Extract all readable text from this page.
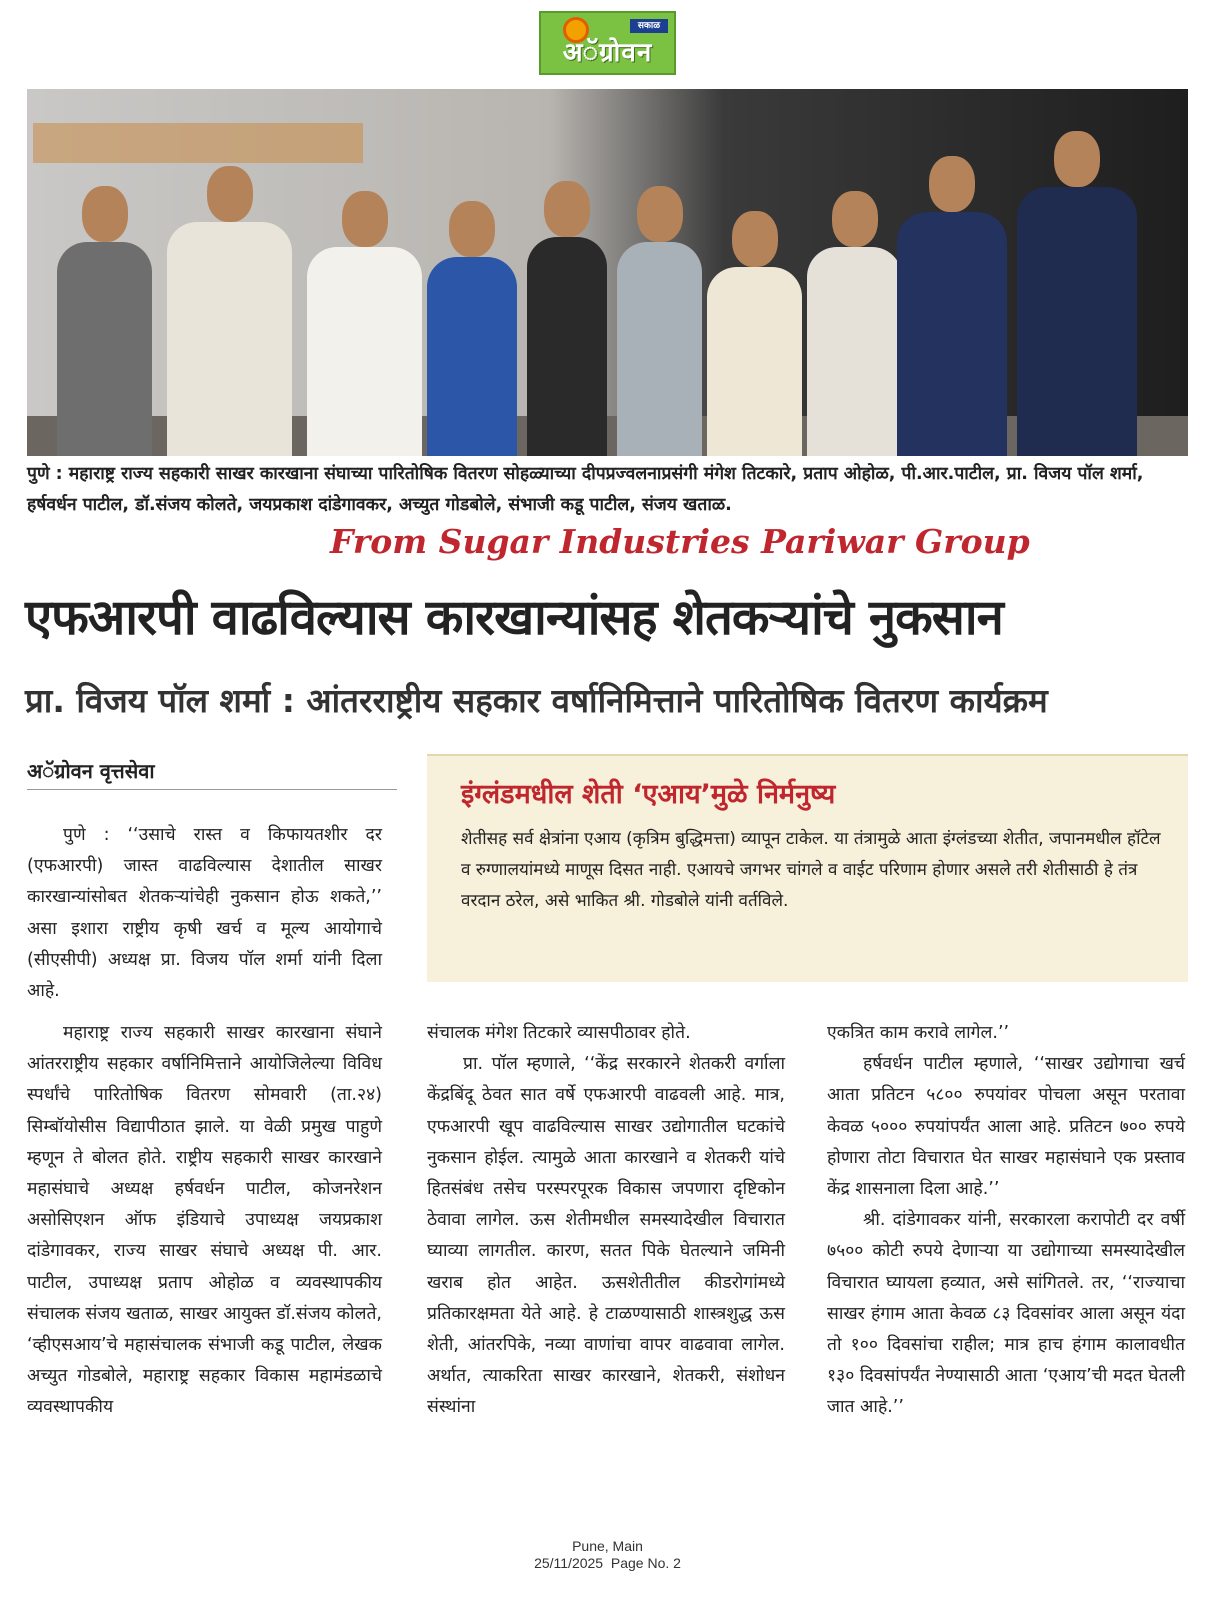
सकाळ
अॅग्रोवन
पुणे : महाराष्ट्र राज्य सहकारी साखर कारखाना संघाच्या पारितोषिक वितरण सोहळ्याच्या दीपप्रज्वलनाप्रसंगी मंगेश तिटकारे, प्रताप ओहोळ, पी.आर.पाटील, प्रा. विजय पॉल शर्मा, हर्षवर्धन पाटील, डॉ.संजय कोलते, जयप्रकाश दांडेगावकर, अच्युत गोडबोले, संभाजी कडू पाटील, संजय खताळ.
From Sugar Industries Pariwar Group
एफआरपी वाढविल्यास कारखान्यांसह शेतकऱ्यांचे नुकसान
प्रा. विजय पॉल शर्मा : आंतरराष्ट्रीय सहकार वर्षानिमित्ताने पारितोषिक वितरण कार्यक्रम
अॅग्रोवन वृत्तसेवा
इंग्लंडमधील शेती ‘एआय’मुळे निर्मनुष्य
शेतीसह सर्व क्षेत्रांना एआय (कृत्रिम बुद्धिमत्ता) व्यापून टाकेल. या तंत्रामुळे आता इंग्लंडच्या शेतीत, जपानमधील हॉटेल व रुग्णालयांमध्ये माणूस दिसत नाही. एआयचे जगभर चांगले व वाईट परिणाम होणार असले तरी शेतीसाठी हे तंत्र वरदान ठरेल, असे भाकित श्री. गोडबोले यांनी वर्तविले.

पुणे : ‘‘उसाचे रास्त व किफायतशीर दर (एफआरपी) जास्त वाढविल्यास देशातील साखर कारखान्यांसोबत शेतकऱ्यांचेही नुकसान होऊ शकते,’’ असा इशारा राष्ट्रीय कृषी खर्च व मूल्य आयोगाचे (सीएसीपी) अध्यक्ष प्रा. विजय पॉल शर्मा यांनी दिला आहे.

महाराष्ट्र राज्य सहकारी साखर कारखाना संघाने आंतरराष्ट्रीय सहकार वर्षानिमित्ताने आयोजिलेल्या विविध स्पर्धांचे पारितोषिक वितरण सोमवारी (ता.२४) सिम्बॉयोसीस विद्यापीठात झाले. या वेळी प्रमुख पाहुणे म्हणून ते बोलत होते. राष्ट्रीय सहकारी साखर कारखाने महासंघाचे अध्यक्ष हर्षवर्धन पाटील, कोजनरेशन असोसिएशन ऑफ इंडियाचे उपाध्यक्ष जयप्रकाश दांडेगावकर, राज्य साखर संघाचे अध्यक्ष पी. आर. पाटील, उपाध्यक्ष प्रताप ओहोळ व व्यवस्थापकीय संचालक संजय खताळ, साखर आयुक्त डॉ.संजय कोलते, ‘व्हीएसआय’चे महासंचालक संभाजी कडू पाटील, लेखक अच्युत गोडबोले, महाराष्ट्र सहकार विकास महामंडळाचे व्यवस्थापकीय

संचालक मंगेश तिटकारे व्यासपीठावर होते.

प्रा. पॉल म्हणाले, ‘‘केंद्र सरकारने शेतकरी वर्गाला केंद्रबिंदू ठेवत सात वर्षे एफआरपी वाढवली आहे. मात्र, एफआरपी खूप वाढविल्यास साखर उद्योगातील घटकांचे नुकसान होईल. त्यामुळे आता कारखाने व शेतकरी यांचे हितसंबंध तसेच परस्परपूरक विकास जपणारा दृष्टिकोन ठेवावा लागेल. ऊस शेतीमधील समस्यादेखील विचारात घ्याव्या लागतील. कारण, सतत पिके घेतल्याने जमिनी खराब होत आहेत. ऊसशेतीतील कीडरोगांमध्ये प्रतिकारक्षमता येते आहे. हे टाळण्यासाठी शास्त्रशुद्ध ऊस शेती, आंतरपिके, नव्या वाणांचा वापर वाढवावा लागेल. अर्थात, त्याकरिता साखर कारखाने, शेतकरी, संशोधन संस्थांना

एकत्रित काम करावे लागेल.’’

हर्षवर्धन पाटील म्हणाले, ‘‘साखर उद्योगाचा खर्च आता प्रतिटन ५८०० रुपयांवर पोचला असून परतावा केवळ ५००० रुपयांपर्यंत आला आहे. प्रतिटन ७०० रुपये होणारा तोटा विचारात घेत साखर महासंघाने एक प्रस्ताव केंद्र शासनाला दिला आहे.’’

श्री. दांडेगावकर यांनी, सरकारला करापोटी दर वर्षी ७५०० कोटी रुपये देणाऱ्या या उद्योगाच्या समस्यादेखील विचारात घ्यायला हव्यात, असे सांगितले. तर, ‘‘राज्याचा साखर हंगाम आता केवळ ८३ दिवसांवर आला असून यंदा तो १०० दिवसांचा राहील; मात्र हाच हंगाम कालावधीत १३० दिवसांपर्यंत नेण्यासाठी आता ‘एआय’ची मदत घेतली जात आहे.’’

Pune, Main
25/11/2025  Page No. 2
